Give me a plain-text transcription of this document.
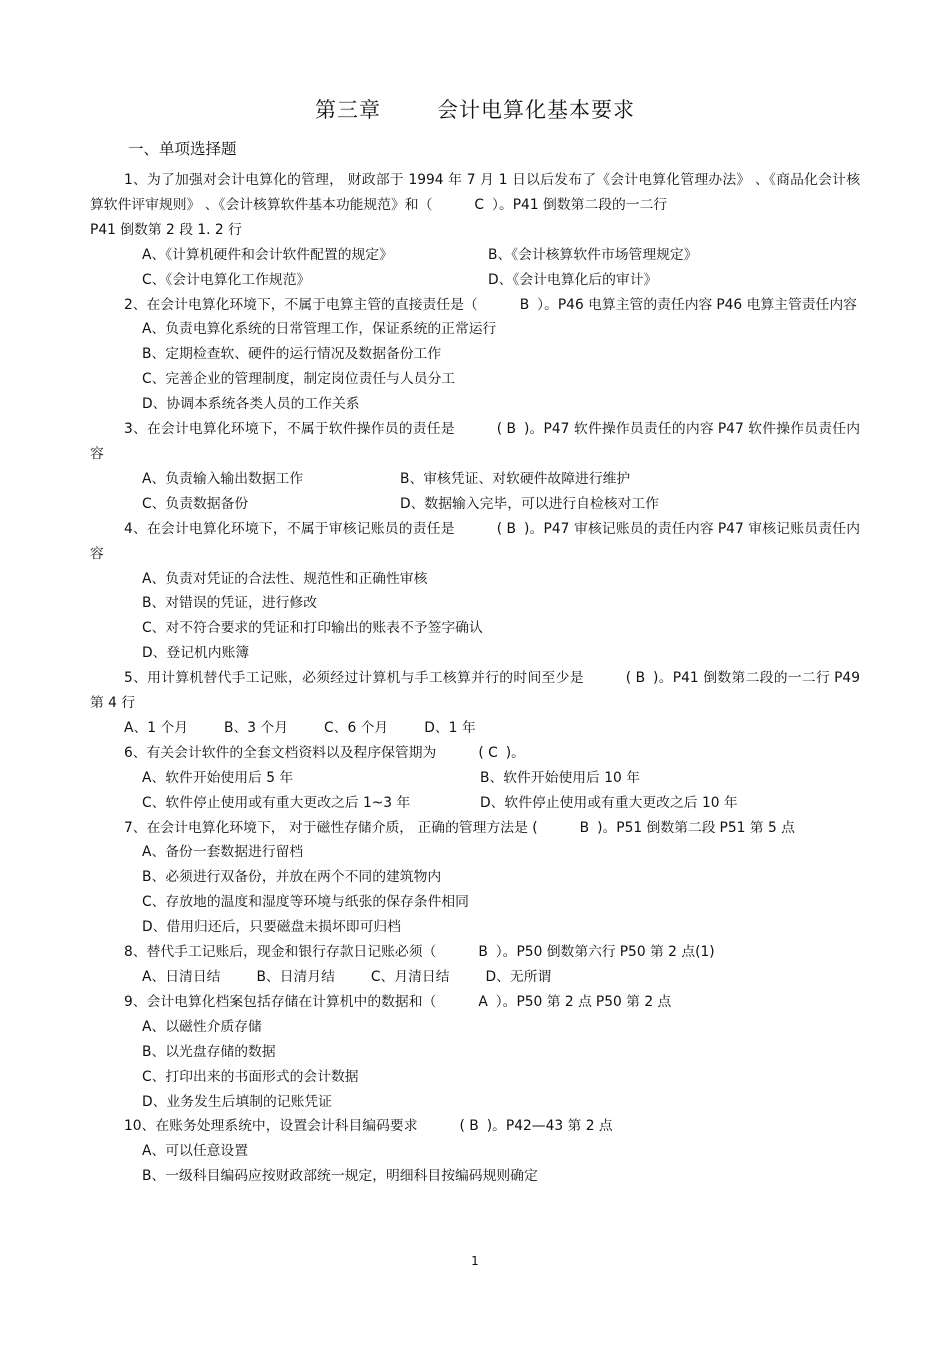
第三章	会计电算化基本要求
一、单项选择题

1、为了加强对会计电算化的管理， 财政部于 1994 年 7 月 1 日以后发布了《会计电算化管理办法》 、《商品化会计核算软件评审规则》 、《会计核算软件基本功能规范》和（	C ）。P41 倒数第二段的一二行
P41 倒数第 2 段 1. 2 行

A、《计算机硬件和会计软件配置的规定》	B、《会计核算软件市场管理规定》
C、《会计电算化工作规范》	D、《会计电算化后的审计》

2、在会计电算化环境下，不属于电算主管的直接责任是（	B ）。P46 电算主管的责任内容 P46 电算主管责任内容

A、负责电算化系统的日常管理工作，保证系统的正常运行

B、定期检查软、硬件的运行情况及数据备份工作

C、完善企业的管理制度，制定岗位责任与人员分工

D、协调本系统各类人员的工作关系

3、在会计电算化环境下，不属于软件操作员的责任是	( B )。P47 软件操作员责任的内容 P47 软件操作员责任内容

A、负责输入输出数据工作	B、审核凭证、对软硬件故障进行维护
C、负责数据备份	D、数据输入完毕，可以进行自检核对工作

4、在会计电算化环境下，不属于审核记账员的责任是	( B )。P47 审核记账员的责任内容 P47 审核记账员责任内容

A、负责对凭证的合法性、规范性和正确性审核

B、对错误的凭证，进行修改

C、对不符合要求的凭证和打印输出的账表不予签字确认

D、登记机内账簿

5、用计算机替代手工记账，必须经过计算机与手工核算并行的时间至少是	( B )。P41 倒数第二段的一二行 P49 第 4 行

A、1 个月	B、3 个月	C、6 个月	D、1 年

6、有关会计软件的全套文档资料以及程序保管期为	( C )。

A、软件开始使用后 5 年	B、软件开始使用后 10 年
C、软件停止使用或有重大更改之后 1~3 年	D、软件停止使用或有重大更改之后 10 年

7、在会计电算化环境下， 对于磁性存储介质， 正确的管理方法是 (	B )。P51 倒数第二段 P51 第 5 点

A、备份一套数据进行留档

B、必须进行双备份，并放在两个不同的建筑物内

C、存放地的温度和湿度等环境与纸张的保存条件相同

D、借用归还后，只要磁盘未损坏即可归档

8、替代手工记账后，现金和银行存款日记账必须（	B ）。P50 倒数第六行 P50 第 2 点(1)

A、日清日结	B、日清月结	C、月清日结	D、无所谓

9、会计电算化档案包括存储在计算机中的数据和（	A ）。P50 第 2 点 P50 第 2 点

A、以磁性介质存储

B、以光盘存储的数据

C、打印出来的书面形式的会计数据

D、业务发生后填制的记账凭证

10、在账务处理系统中，设置会计科目编码要求	( B )。P42—43 第 2 点

A、可以任意设置

B、一级科目编码应按财政部统一规定，明细科目按编码规则确定

1
